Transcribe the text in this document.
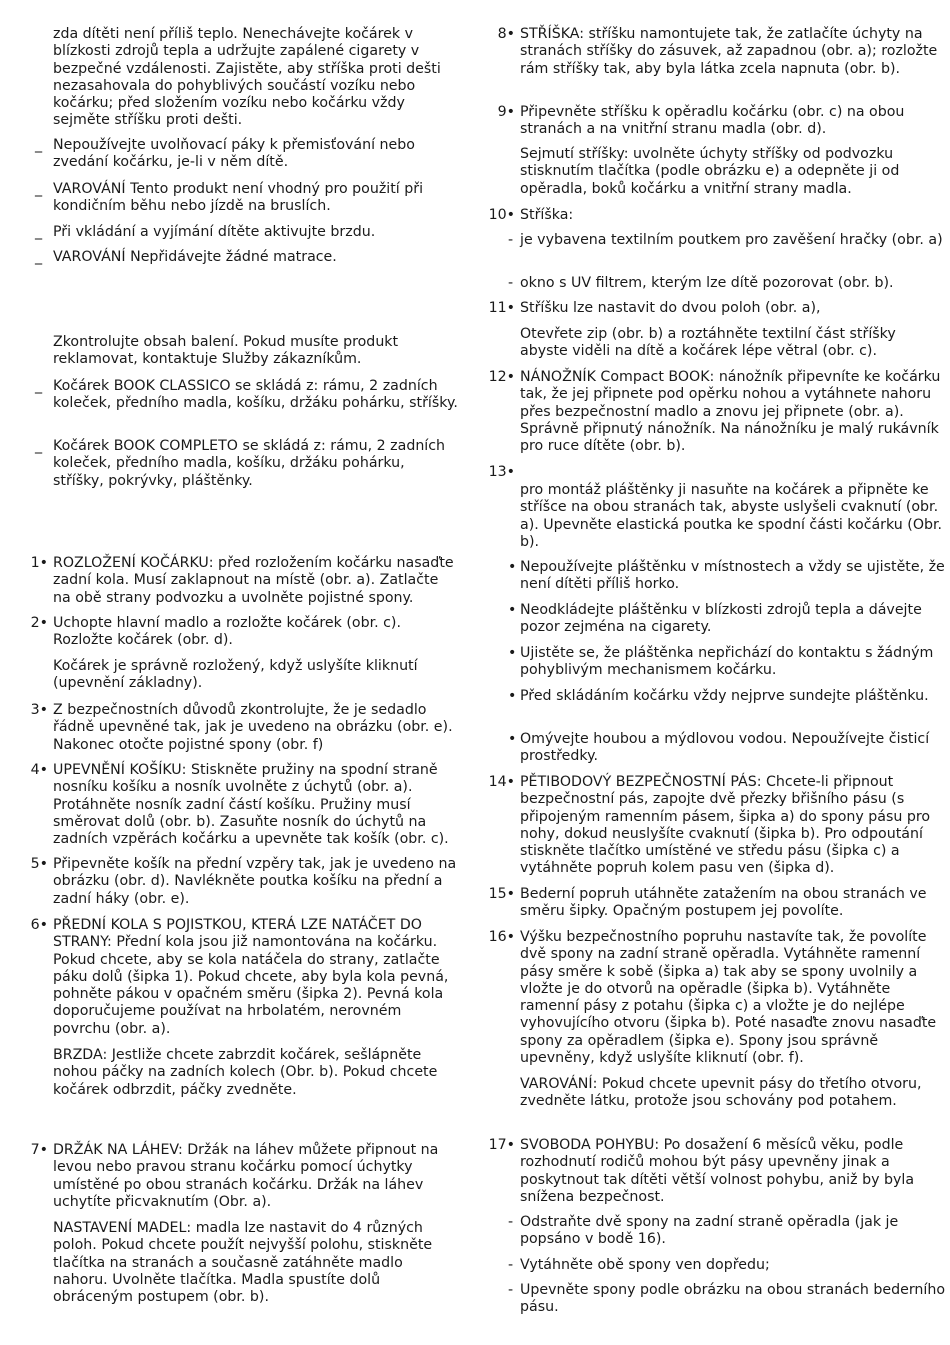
zda dítěti není příliš teplo. Nenechávejte kočárek v blízkosti zdrojů tepla a udržujte zapálené cigarety v bezpečné vzdálenosti. Zajistěte, aby stříška proti dešti nezasahovala do pohyblivých součástí vozíku nebo kočárku; před složením vozíku nebo kočárku vždy sejměte stříšku proti dešti.
_ Nepoužívejte uvolňovací páky k přemisťování nebo zvedání kočárku, je-li v něm dítě.
_ VAROVÁNÍ Tento produkt není vhodný pro použití při kondičním běhu nebo jízdě na bruslích.
_ Při vkládání a vyjímání dítěte aktivujte brzdu.
_ VAROVÁNÍ Nepřidávejte žádné matrace.
Zkontrolujte obsah balení. Pokud musíte produkt reklamovat, kontaktuje Služby zákazníkům.
_ Kočárek BOOK CLASSICO se skládá z: rámu, 2 zadních koleček, předního madla, košíku, držáku pohárku, stříšky.
_ Kočárek BOOK COMPLETO se skládá z: rámu, 2 zadních koleček, předního madla, košíku, držáku pohárku, stříšky, pokrývky, pláštěnky.
1• ROZLOŽENÍ KOČÁRKU: před rozložením kočárku nasaďte zadní kola. Musí zaklapnout na místě (obr. a). Zatlačte na obě strany podvozku a uvolněte pojistné spony.
2• Uchopte hlavní madlo a rozložte kočárek (obr. c). Rozložte kočárek (obr. d).
Kočárek je správně rozložený, když uslyšíte kliknutí (upevnění základny).
3• Z bezpečnostních důvodů zkontrolujte, že je sedadlo řádně upevněné tak, jak je uvedeno na obrázku (obr. e). Nakonec otočte pojistné spony (obr. f)
4• UPEVNĚNÍ KOŠÍKU: Stiskněte pružiny na spodní straně nosníku košíku a nosník uvolněte z úchytů (obr. a). Protáhněte nosník zadní částí košíku. Pružiny musí směrovat dolů (obr. b). Zasuňte nosník do úchytů na zadních vzpěrách kočárku a upevněte tak košík (obr. c).
5• Připevněte košík na přední vzpěry tak, jak je uvedeno na obrázku (obr. d). Navlékněte poutka košíku na přední a zadní háky (obr. e).
6• PŘEDNÍ KOLA S POJISTKOU, KTERÁ LZE NATÁČET DO STRANY: Přední kola jsou již namontována na kočárku. Pokud chcete, aby se kola natáčela do strany, zatlačte páku dolů (šipka 1). Pokud chcete, aby byla kola pevná, pohněte pákou v opačném směru (šipka 2). Pevná kola doporučujeme používat na hrbolatém, nerovném povrchu (obr. a).
BRZDA: Jestliže chcete zabrzdit kočárek, sešlápněte nohou páčky na zadních kolech (Obr. b). Pokud chcete kočárek odbrzdit, páčky zvedněte.
7• DRŽÁK NA LÁHEV: Držák na láhev můžete připnout na levou nebo pravou stranu kočárku pomocí úchytky umístěné po obou stranách kočárku. Držák na láhev uchytíte přicvaknutím (Obr. a).
NASTAVENÍ MADEL: madla lze nastavit do 4 různých poloh. Pokud chcete použít nejvyšší polohu, stiskněte tlačítka na stranách a současně zatáhněte madlo nahoru. Uvolněte tlačítka. Madla spustíte dolů obráceným postupem (obr. b).
8• STŘÍŠKA: stříšku namontujete tak, že zatlačíte úchyty na stranách stříšky do zásuvek, až zapadnou (obr. a); rozložte rám stříšky tak, aby byla látka zcela napnuta (obr. b).
9• Připevněte stříšku k opěradlu kočárku (obr. c) na obou stranách a na vnitřní stranu madla (obr. d).
Sejmutí stříšky: uvolněte úchyty stříšky od podvozku stisknutím tlačítka (podle obrázku e) a odepněte ji od opěradla, boků kočárku a vnitřní strany madla.
10• Stříška:
- je vybavena textilním poutkem pro zavěšení hračky (obr. a)
- okno s UV filtrem, kterým lze dítě pozorovat (obr. b).
11• Stříšku lze nastavit do dvou poloh (obr. a),
Otevřete zip (obr. b) a roztáhněte textilní část stříšky abyste viděli na dítě a kočárek lépe větral (obr. c).
12• NÁNOŽNÍK Compact BOOK: nánožník připevníte ke kočárku tak, že jej připnete pod opěrku nohou a vytáhnete nahoru přes bezpečnostní madlo a znovu jej připnete (obr. a). Správně připnutý nánožník. Na nánožníku je malý rukávník pro ruce dítěte (obr. b).
13•
pro montáž pláštěnky ji nasuňte na kočárek a připněte ke stříšce na obou stranách tak, abyste uslyšeli cvaknutí (obr. a). Upevněte elastická poutka ke spodní části kočárku (Obr. b).
• Nepoužívejte pláštěnku v místnostech a vždy se ujistěte, že není dítěti příliš horko.
• Neodkládejte pláštěnku v blízkosti zdrojů tepla a dávejte pozor zejména na cigarety.
• Ujistěte se, že pláštěnka nepřichází do kontaktu s žádným pohyblivým mechanismem kočárku.
• Před skládáním kočárku vždy nejprve sundejte pláštěnku.
• Omývejte houbou a mýdlovou vodou. Nepoužívejte čisticí prostředky.
14• PĚTIBODOVÝ BEZPEČNOSTNÍ PÁS: Chcete-li připnout bezpečnostní pás, zapojte dvě přezky břišního pásu (s připojeným ramenním pásem, šipka a) do spony pásu pro nohy, dokud neuslyšíte cvaknutí (šipka b). Pro odpoutání stiskněte tlačítko umístěné ve středu pásu (šipka c) a vytáhněte popruh kolem pasu ven (šipka d).
15• Bederní popruh utáhněte zatažením na obou stranách ve směru šipky. Opačným postupem jej povolíte.
16• Výšku bezpečnostního popruhu nastavíte tak, že povolíte dvě spony na zadní straně opěradla. Vytáhněte ramenní pásy směre k sobě (šipka a) tak aby se spony uvolnily a vložte je do otvorů na opěradle (šipka b). Vytáhněte ramenní pásy z potahu (šipka c) a vložte je do nejlépe vyhovujícího otvoru (šipka b). Poté nasaďte znovu nasaďte spony za opěradlem (šipka e). Spony jsou správně upevněny, když uslyšíte kliknutí (obr. f).
VAROVÁNÍ: Pokud chcete upevnit pásy do třetího otvoru, zvedněte látku, protože jsou schovány pod potahem.
17• SVOBODA POHYBU: Po dosažení 6 měsíců věku, podle rozhodnutí rodičů mohou být pásy upevněny jinak a poskytnout tak dítěti větší volnost pohybu, aniž by byla snížena bezpečnost.
- Odstraňte dvě spony na zadní straně opěradla (jak je popsáno v bodě 16).
- Vytáhněte obě spony ven dopředu;
- Upevněte spony podle obrázku na obou stranách bederního pásu.
